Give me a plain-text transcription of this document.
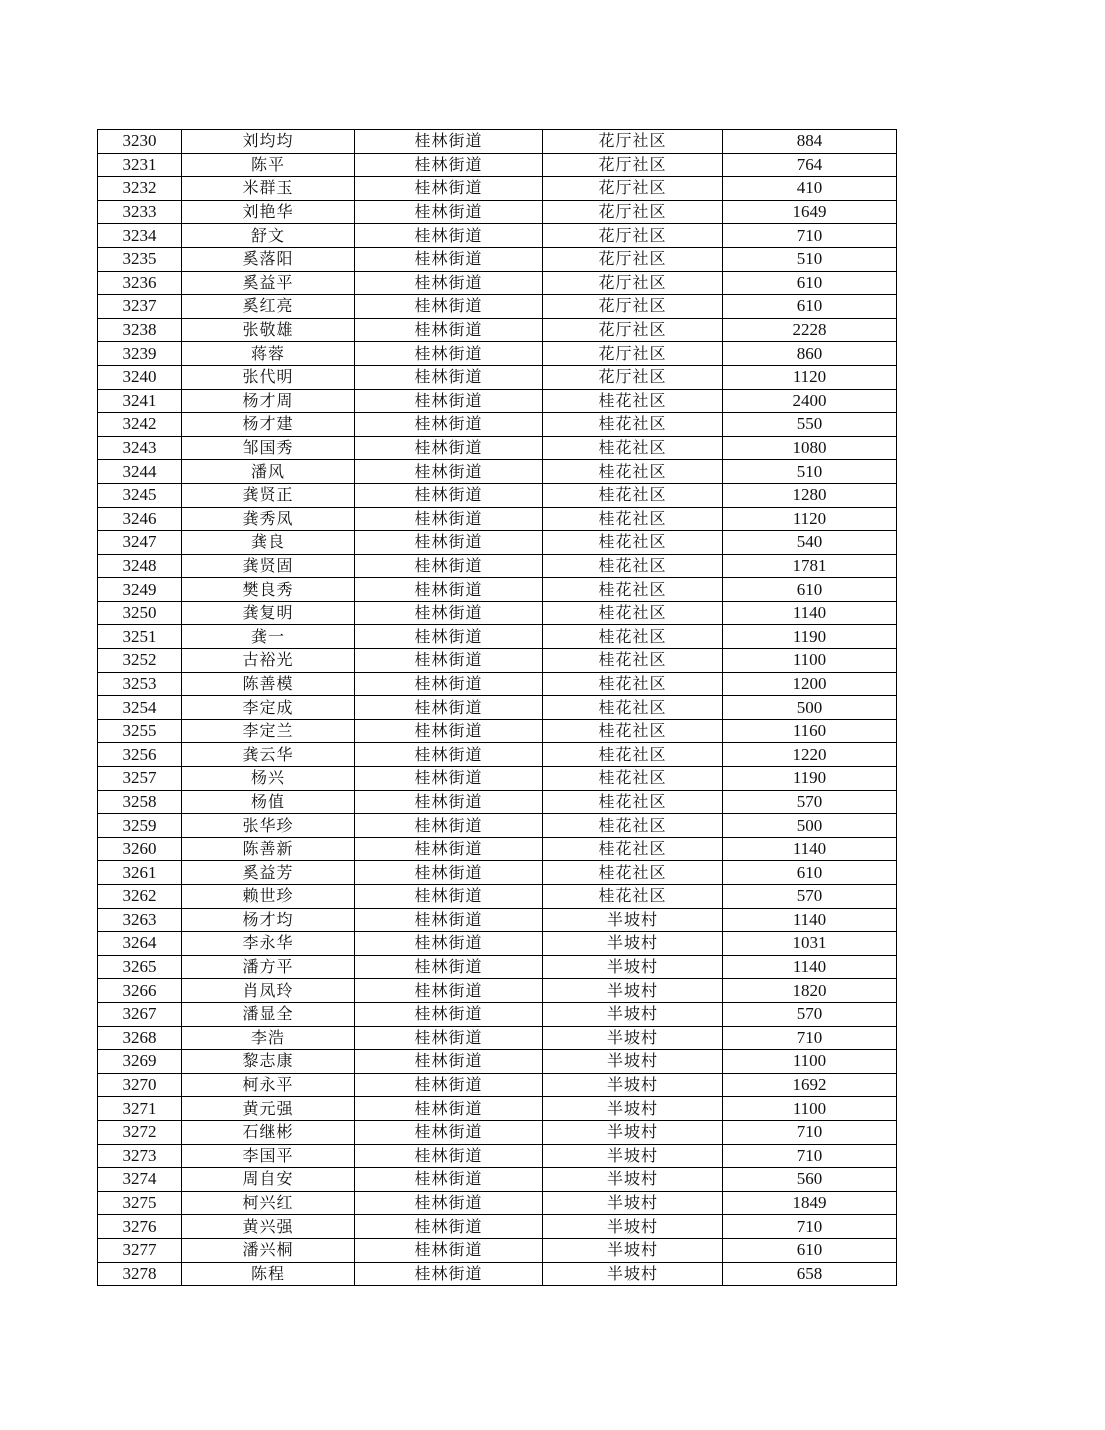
3230	刘均均	桂林街道	花厅社区	884
3231	陈平	桂林街道	花厅社区	764
3232	米群玉	桂林街道	花厅社区	410
3233	刘艳华	桂林街道	花厅社区	1649
3234	舒文	桂林街道	花厅社区	710
3235	奚落阳	桂林街道	花厅社区	510
3236	奚益平	桂林街道	花厅社区	610
3237	奚红亮	桂林街道	花厅社区	610
3238	张敬雄	桂林街道	花厅社区	2228
3239	蒋蓉	桂林街道	花厅社区	860
3240	张代明	桂林街道	花厅社区	1120
3241	杨才周	桂林街道	桂花社区	2400
3242	杨才建	桂林街道	桂花社区	550
3243	邹国秀	桂林街道	桂花社区	1080
3244	潘风	桂林街道	桂花社区	510
3245	龚贤正	桂林街道	桂花社区	1280
3246	龚秀凤	桂林街道	桂花社区	1120
3247	龚良	桂林街道	桂花社区	540
3248	龚贤固	桂林街道	桂花社区	1781
3249	樊良秀	桂林街道	桂花社区	610
3250	龚复明	桂林街道	桂花社区	1140
3251	龚一	桂林街道	桂花社区	1190
3252	古裕光	桂林街道	桂花社区	1100
3253	陈善模	桂林街道	桂花社区	1200
3254	李定成	桂林街道	桂花社区	500
3255	李定兰	桂林街道	桂花社区	1160
3256	龚云华	桂林街道	桂花社区	1220
3257	杨兴	桂林街道	桂花社区	1190
3258	杨值	桂林街道	桂花社区	570
3259	张华珍	桂林街道	桂花社区	500
3260	陈善新	桂林街道	桂花社区	1140
3261	奚益芳	桂林街道	桂花社区	610
3262	赖世珍	桂林街道	桂花社区	570
3263	杨才均	桂林街道	半坡村	1140
3264	李永华	桂林街道	半坡村	1031
3265	潘方平	桂林街道	半坡村	1140
3266	肖凤玲	桂林街道	半坡村	1820
3267	潘显全	桂林街道	半坡村	570
3268	李浩	桂林街道	半坡村	710
3269	黎志康	桂林街道	半坡村	1100
3270	柯永平	桂林街道	半坡村	1692
3271	黄元强	桂林街道	半坡村	1100
3272	石继彬	桂林街道	半坡村	710
3273	李国平	桂林街道	半坡村	710
3274	周自安	桂林街道	半坡村	560
3275	柯兴红	桂林街道	半坡村	1849
3276	黄兴强	桂林街道	半坡村	710
3277	潘兴桐	桂林街道	半坡村	610
3278	陈程	桂林街道	半坡村	658
